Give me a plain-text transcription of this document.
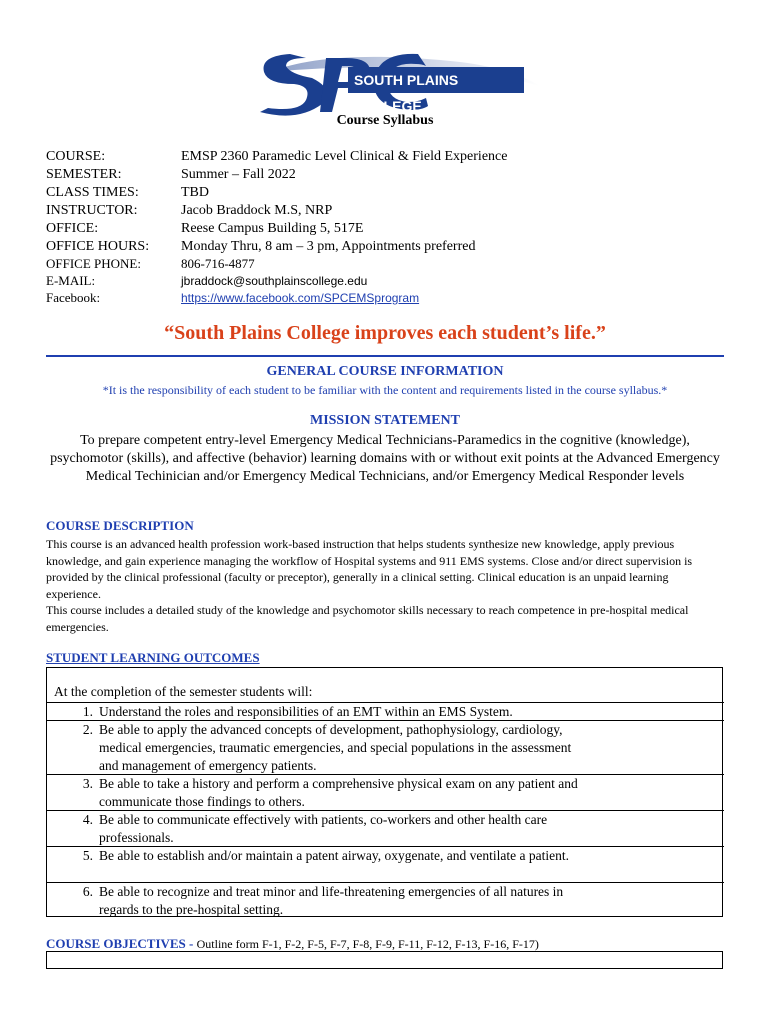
SOUTH PLAINS COLLEGE
Course Syllabus
COURSE:	EMSP 2360 Paramedic Level Clinical & Field Experience
SEMESTER:	Summer – Fall 2022
CLASS TIMES:	TBD
INSTRUCTOR:	Jacob Braddock M.S, NRP
OFFICE:	Reese Campus Building 5, 517E
OFFICE HOURS:	Monday Thru, 8 am – 3 pm, Appointments preferred
OFFICE PHONE:	806-716-4877
E-MAIL:	jbraddock@southplainscollege.edu
Facebook:	https://www.facebook.com/SPCEMSprogram
“South Plains College improves each student’s life.”
GENERAL COURSE INFORMATION
*It is the responsibility of each student to be familiar with the content and requirements listed in the course syllabus.*
MISSION STATEMENT
To prepare competent entry-level Emergency Medical Technicians-Paramedics in the cognitive (knowledge), psychomotor (skills), and affective (behavior) learning domains with or without exit points at the Advanced Emergency Medical Techinician and/or Emergency Medical Technicians, and/or Emergency Medical Responder levels
COURSE DESCRIPTION
This course is an advanced health profession work-based instruction that helps students synthesize new knowledge, apply previous knowledge, and gain experience managing the workflow of Hospital systems and 911 EMS systems. Close and/or direct supervision is provided by the clinical professional (faculty or preceptor), generally in a clinical setting. Clinical education is an unpaid learning experience.
This course includes a detailed study of the knowledge and psychomotor skills necessary to reach competence in pre-hospital medical emergencies.
STUDENT LEARNING OUTCOMES
At the completion of the semester students will:
1. Understand the roles and responsibilities of an EMT within an EMS System.
2. Be able to apply the advanced concepts of development, pathophysiology, cardiology, medical emergencies, traumatic emergencies, and special populations in the assessment and management of emergency patients.
3. Be able to take a history and perform a comprehensive physical exam on any patient and communicate those findings to others.
4. Be able to communicate effectively with patients, co-workers and other health care professionals.
5. Be able to establish and/or maintain a patent airway, oxygenate, and ventilate a patient.
6. Be able to recognize and treat minor and life-threatening emergencies of all natures in regards to the pre-hospital setting.
COURSE OBJECTIVES - Outline form F-1, F-2, F-5, F-7, F-8, F-9, F-11, F-12, F-13, F-16, F-17)
